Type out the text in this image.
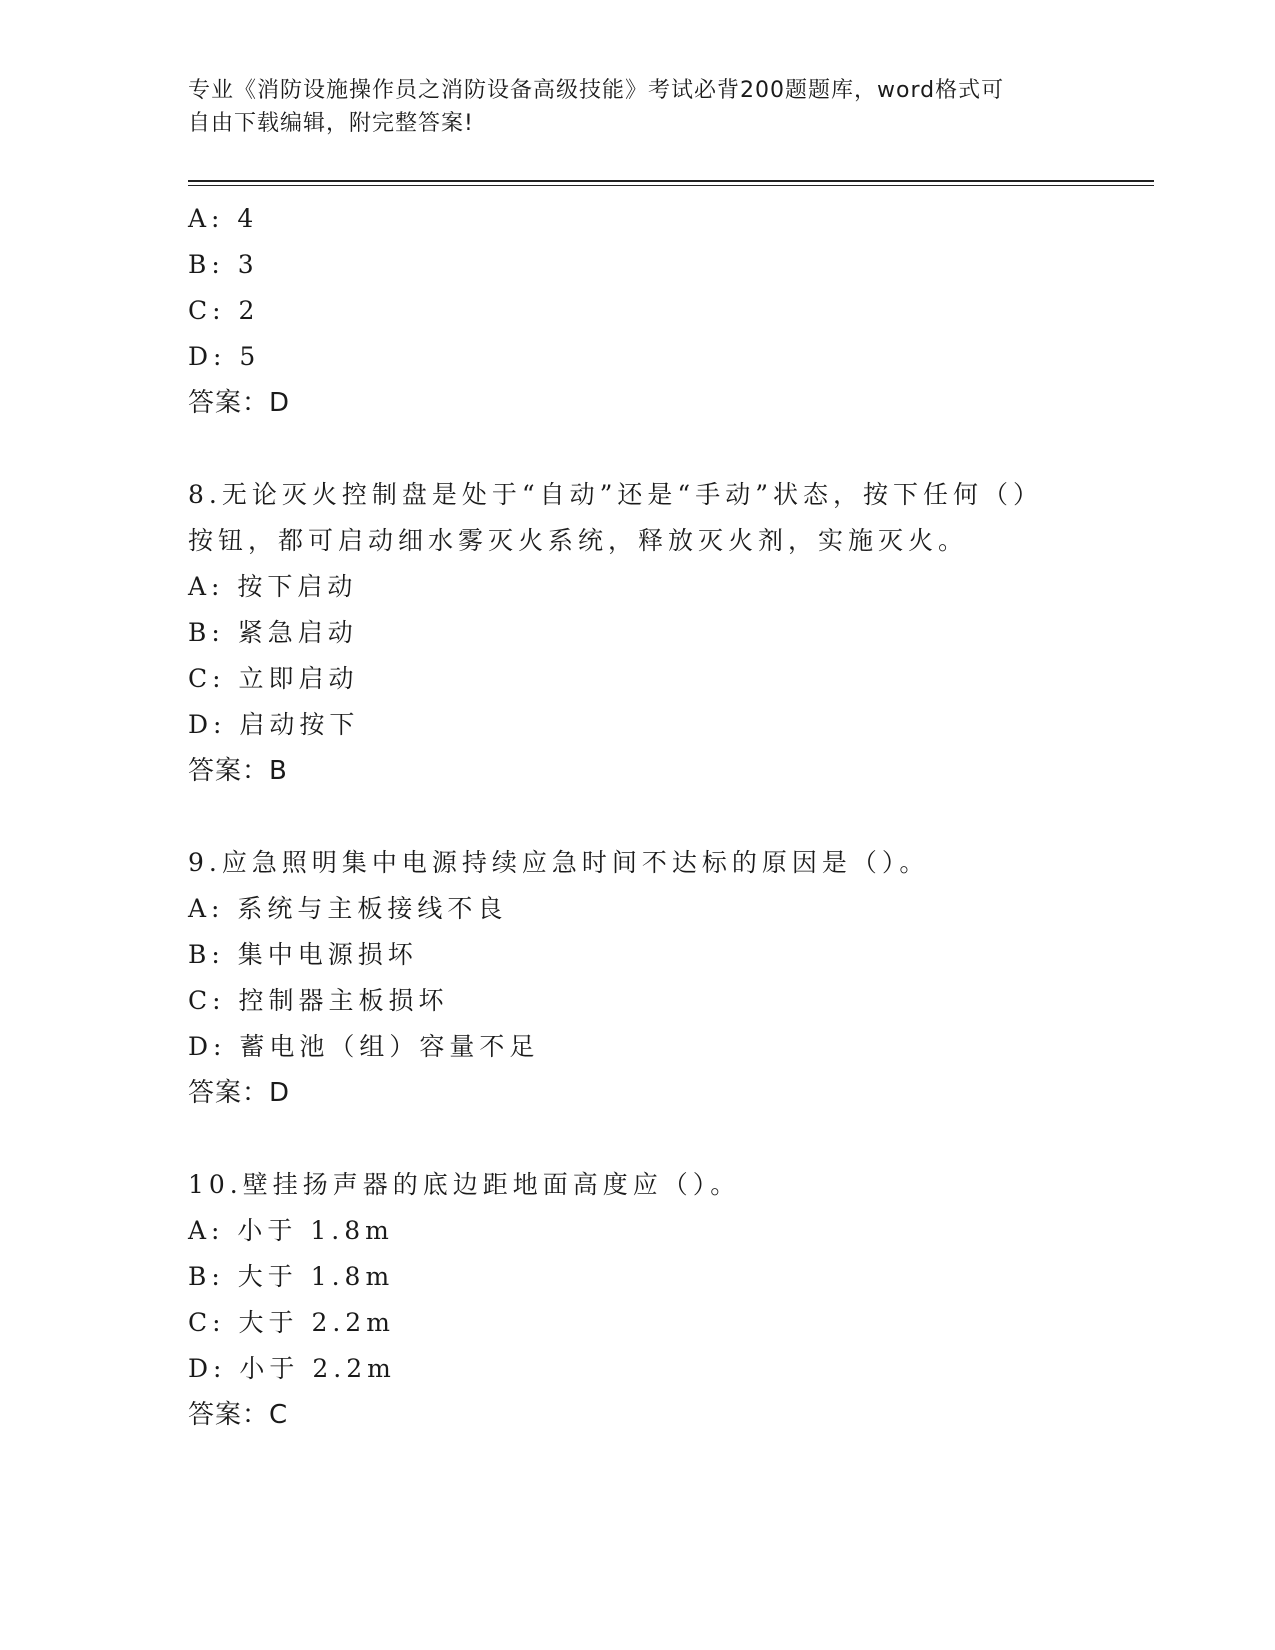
专业《消防设施操作员之消防设备高级技能》考试必背200题题库，word格式可
自由下载编辑，附完整答案!
A: 4
B: 3
C: 2
D: 5
答案：D
8.无论灭火控制盘是处于“自动”还是“手动”状态，按下任何（）
按钮，都可启动细水雾灭火系统，释放灭火剂，实施灭火。
A: 按下启动
B: 紧急启动
C: 立即启动
D: 启动按下
答案：B
9.应急照明集中电源持续应急时间不达标的原因是（）。
A: 系统与主板接线不良
B: 集中电源损坏
C: 控制器主板损坏
D: 蓄电池（组）容量不足
答案：D
10.壁挂扬声器的底边距地面高度应（）。
A: 小于 1.8m
B: 大于 1.8m
C: 大于 2.2m
D: 小于 2.2m
答案：C
